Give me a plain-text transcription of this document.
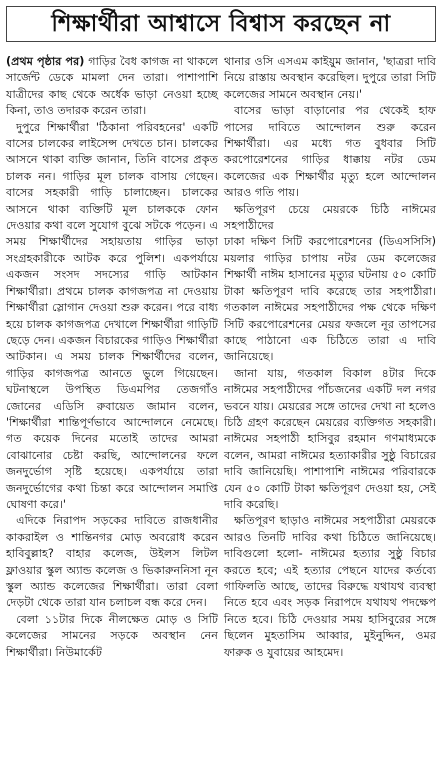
শিক্ষার্থীরা আশ্বাসে বিশ্বাস করছেন না

(প্রথম পৃষ্ঠার পর) গাড়ির বৈধ কাগজ না থাকলে সার্জেন্ট ডেকে মামলা দেন তারা। পাশাপাশি যাত্রীদের কাছ থেকে অর্ধেক ভাড়া নেওয়া হচ্ছে কিনা, তাও তদারক করেন তারা।

দুপুরে শিক্ষার্থীরা 'ঠিকানা পরিবহনের' একটি বাসের চালকের লাইসেন্স দেখতে চান। চালকের আসনে থাকা ব্যক্তি জানান, তিনি বাসের প্রকৃত চালক নন। গাড়ির মূল চালক বাসায় গেছেন। বাসের সহকারী গাড়ি চালাচ্ছেন। চালকের আসনে থাকা ব্যক্তিটি মূল চালককে ফোন দেওয়ার কথা বলে সুযোগ বুঝে সটকে পড়েন। এ সময় শিক্ষার্থীদের সহায়তায় গাড়ির ভাড়া সংগ্রহকারীকে আটক করে পুলিশ। একপর্যায়ে একজন সংসদ সদস্যের গাড়ি আটকান শিক্ষার্থীরা। প্রথমে চালক কাগজপত্র না দেওয়ায় শিক্ষার্থীরা স্লোগান দেওয়া শুরু করেন। পরে বাধ্য হয়ে চালক কাগজপত্র দেখালে শিক্ষার্থীরা গাড়িটি ছেড়ে দেন। একজন বিচারকের গাড়িও শিক্ষার্থীরা আটকান। এ সময় চালক শিক্ষার্থীদের বলেন, গাড়ির কাগজপত্র আনতে ভুলে গিয়েছেন। ঘটনাস্থলে উপস্থিত ডিএমপির তেজগাঁও জোনের এডিসি রুবায়েত জামান বলেন, 'শিক্ষার্থীরা শান্তিপূর্ণভাবে আন্দোলনে নেমেছে। গত কয়েক দিনের মতোই তাদের আমরা বোঝানোর চেষ্টা করছি, আন্দোলনের ফলে জনদুর্ভোগ সৃষ্টি হয়েছে। একপর্যায়ে তারা জনদুর্ভোগের কথা চিন্তা করে আন্দোলন সমাপ্তি ঘোষণা করে।'

এদিকে নিরাপদ সড়কের দাবিতে রাজধানীর কাকরাইল ও শান্তিনগর মোড় অবরোধ করেন হাবিবুল্লাহ? বাহার কলেজ, উইলস লিটল ফ্লাওয়ার স্কুল অ্যান্ড কলেজ ও ভিকারুননিসা নূন স্কুল অ্যান্ড কলেজের শিক্ষার্থীরা। তারা বেলা দেড়টা থেকে তারা যান চলাচল বন্ধ করে দেন।

বেলা ১১টার দিকে নীলক্ষেত মোড় ও সিটি কলেজের সামনের সড়কে অবস্থান নেন শিক্ষার্থীরা। নিউমার্কেট

থানার ওসি এসএম কাইয়ুম জানান, 'ছাত্ররা দাবি নিয়ে রাস্তায় অবস্থান করেছিল। দুপুরে তারা সিটি কলেজের সামনে অবস্থান নেয়।'

বাসের ভাড়া বাড়ানোর পর থেকেই হাফ পাসের দাবিতে আন্দোলন শুরু করেন শিক্ষার্থীরা। এর মধ্যে গত বুধবার সিটি করপোরেশনের গাড়ির ধাক্কায় নটর ডেম কলেজের এক শিক্ষার্থীর মৃত্যু হলে আন্দোলন আরও গতি পায়।

ক্ষতিপূরণ চেয়ে মেয়রকে চিঠি নাঈমের সহপাঠীদের

ঢাকা দক্ষিণ সিটি করপোরেশনের (ডিএসসিসি) ময়লার গাড়ির চাপায় নটর ডেম কলেজের শিক্ষার্থী নাঈম হাসানের মৃত্যুর ঘটনায় ৫০ কোটি টাকা ক্ষতিপূরণ দাবি করেছে তার সহপাঠীরা। গতকাল নাঈমের সহপাঠীদের পক্ষ থেকে দক্ষিণ সিটি করপোরেশনের মেয়র ফজলে নূর তাপসের কাছে পাঠানো এক চিঠিতে তারা এ দাবি জানিয়েছে।

জানা যায়, গতকাল বিকাল ৪টার দিকে নাঈমের সহপাঠীদের পাঁচজনের একটি দল নগর ভবনে যায়। মেয়রের সঙ্গে তাদের দেখা না হলেও চিঠি গ্রহণ করেছেন মেয়রের ব্যক্তিগত সহকারী। নাঈমের সহপাঠী হাসিবুর রহমান গণমাধ্যমকে বলেন, আমরা নাঈমের হত্যাকারীর সুষ্ঠু বিচারের দাবি জানিয়েছি। পাশাপাশি নাঈমের পরিবারকে যেন ৫০ কোটি টাকা ক্ষতিপূরণ দেওয়া হয়, সেই দাবি করেছি।

ক্ষতিপূরণ ছাড়াও নাঈমের সহপাঠীরা মেয়রকে আরও তিনটি দাবির কথা চিঠিতে জানিয়েছে। দাবিগুলো হলো- নাঈমের হত্যার সুষ্ঠু বিচার করতে হবে; এই হত্যার পেছনে যাদের কর্তব্যে গাফিলতি আছে, তাদের বিরুদ্ধে যথাযথ ব্যবস্থা নিতে হবে এবং সড়ক নিরাপদে যথাযথ পদক্ষেপ নিতে হবে। চিঠি দেওয়ার সময় হাসিবুরের সঙ্গে ছিলেন মুহতাসিম আব্বার, মুইনুদ্দিন, ওমর ফারুক ও যুবায়ের আহমেদ।
